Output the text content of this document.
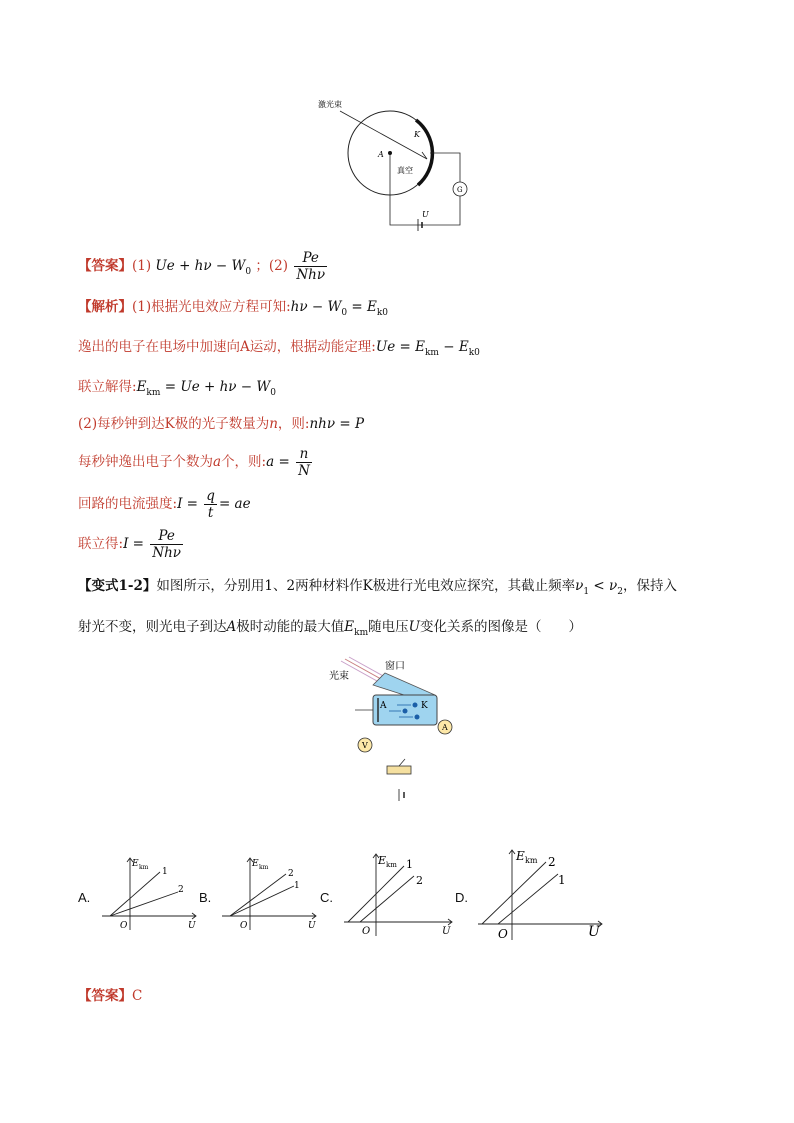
激光束
K
A
真空
G
U
【答案】(1) $Ue + h\nu - W_0$ ；$(2) \frac{Pe}{\text{Nhν}}$
【解析】(1)根据光电效应方程可知:hν − $W_0 = E_{k0}$
逸出的电子在电场中加速向A运动，根据动能定理:Ue = $E_{km} - E_{k0}$
联立解得$:E_{km} = Ue + h\nu - W_0$
(2)每秒钟到达K极的光子数量为n，则:nhν = P
每秒钟逸出电子个数为a个，则:a = $\frac{n}{N}$
回路的电流强度:I = $\frac{q}{t}$ = ae
联立得:I = $\frac{Pe}{\text{Nhν}}$
【变式1-2】如图所示，分别用1、2两种材料作K极进行光电效应探究，其截止频率$\nu_1 < \nu_2$，保持入
射光不变，则光电子到达A极时动能的最大值$E_{km}$随电压U变化关系的图像是（　　）
光束
窗口
A	K
A
V
A.
E km
O	U
1
2 B.
E km
O	U
2
1
C.
E km
O	U
1
2
D.
E km
O	U
2
1
【答案】C
